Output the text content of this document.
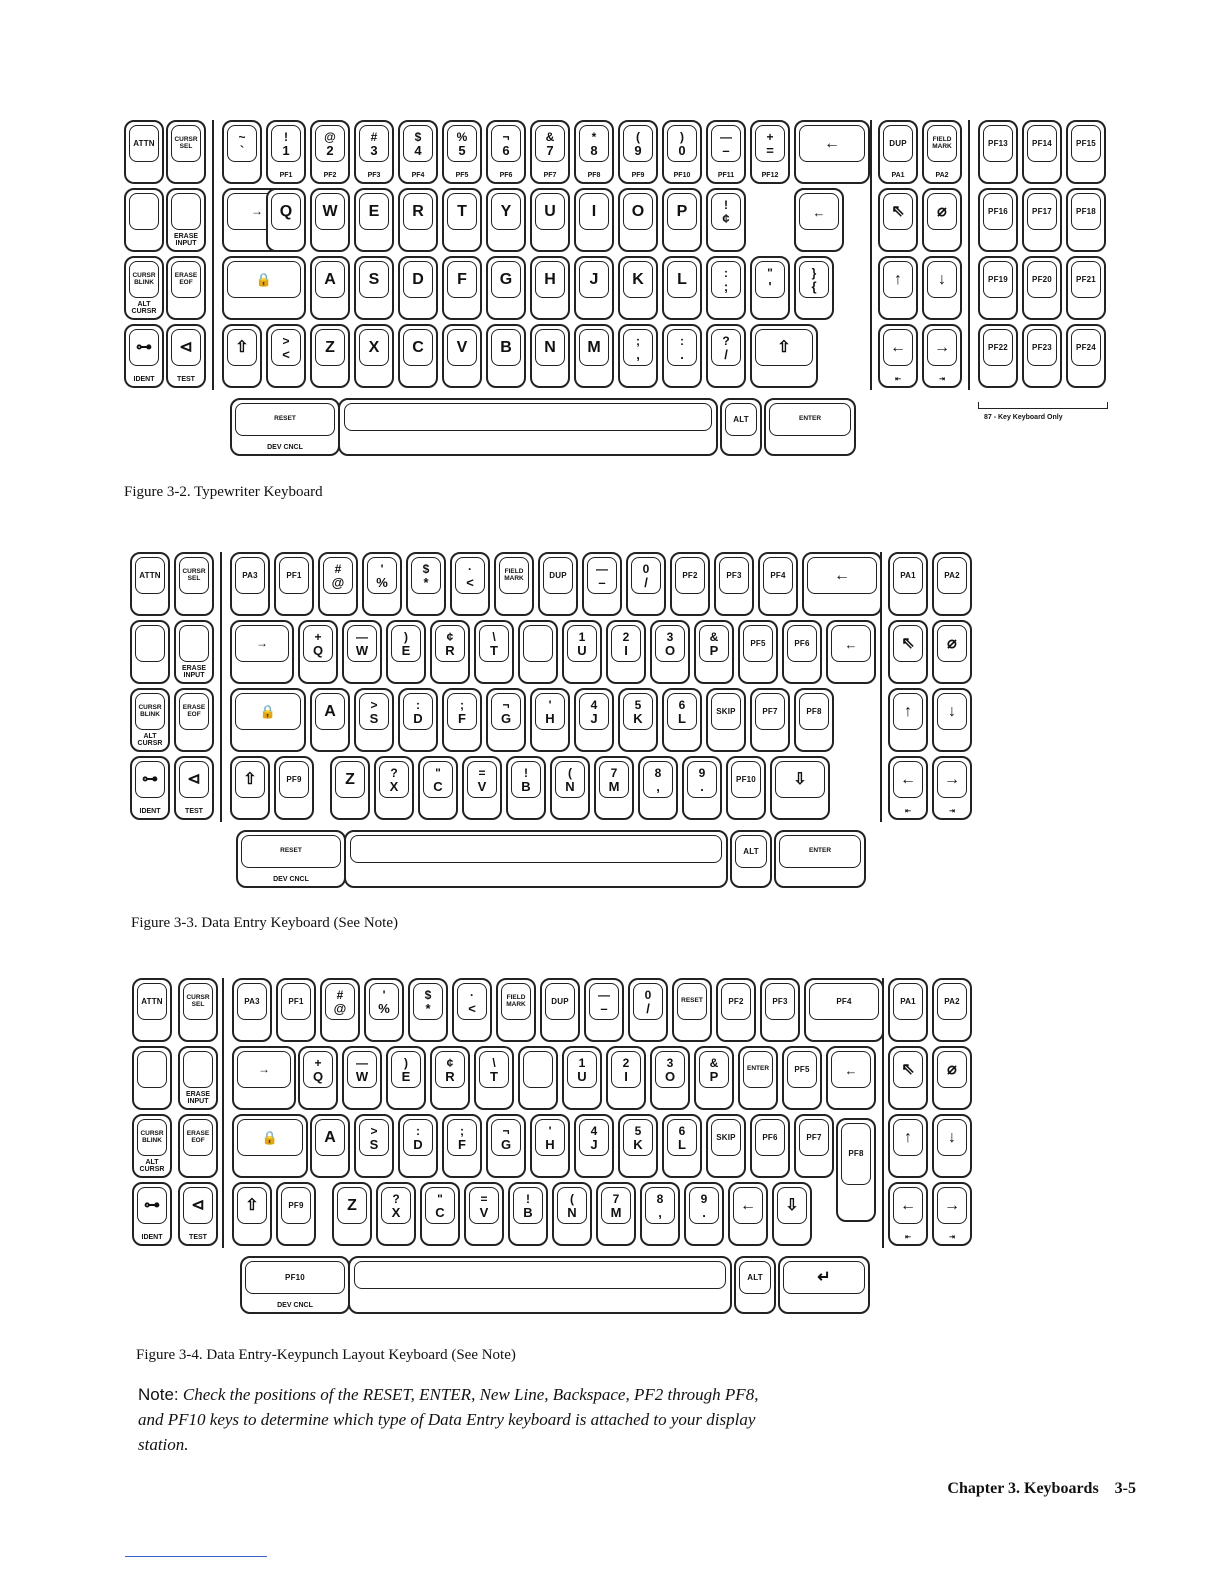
ATTN	CURSR SEL
~
`
!
1
PF1
@
2
PF2
#
3
PF3
$
4
PF4
%
5
PF5
¬
6
PF6
&
7
PF7
*
8
PF8
(
9
PF9
)
0
PF10
—
–
PF11
+
=
PF12
←	DUP
PA1
FIELD MARK
PA2
PF13	PF14	PF15
ERASE INPUT
→ Q W E R T Y U I O P	!
¢	←	⇖ ⌀	PF16	PF17	PF18
CURSR BLINK
ALT CURSR
ERASE EOF	🔒	A S D F G H J K L	:
;
"
'
}
{	↑ ↓	PF19	PF20	PF21
⊶
IDENT
⊲
TEST
⇧	>
< Z X C V B N M	;
,
:
.
?
/	⇧	←
⇤
→
⇥
PF22	PF23	PF24
RESET
DEV CNCL
ALT	ENTER	87 - Key Keyboard Only
ATTN	CURSR SEL	PA3	PF1	#
@
'
%
$
*
·
<
FIELD MARK	DUP —
–
0
/	PF2	PF3	PF4	←	PA1	PA2
ERASE INPUT
→	+
Q
—
W
)
E
¢
R
\
T
1
U
2
I
3
O
&
P	PF5	PF6	←	⇖ ⌀
CURSR BLINK
ALT CURSR
ERASE EOF	🔒	A	>
S
:
D
;
F
¬
G
'
H
4
J
5
K
6
L	SKIP	PF7	PF8	↑ ↓
⊶
IDENT
⊲
TEST
⇧	PF9	Z	?
X
"
C
=
V
!
B
(
N
7
M
8
,
9
.	PF10 ⇩	←
⇤
→
⇥
RESET
DEV CNCL
ALT	ENTER
ATTN	CURSR SEL	PA3	PF1	#
@
'
%
$
*
·
<
FIELD MARK	DUP —
–
0
/	RESET	PF2	PF3	PF4	PA1	PA2
ERASE INPUT
→	+
Q
—
W
)
E
¢
R
\
T
1
U
2
I
3
O
&
P	ENTER	PF5	←	⇖ ⌀
CURSR BLINK
ALT CURSR
ERASE EOF	🔒	A	>
S
:
D
;
F
¬
G
'
H
4
J
5
K
6
L	SKIP	PF6	PF7	↑ ↓
⊶
IDENT
⊲
TEST
⇧	PF9	Z	?
X
"
C
=
V
!
B
(
N
7
M
8
,
9
. ← ⇩	←
⇤
→
⇥
PF10
DEV CNCL
ALT	↵
PF8
Figure 3-2. Typewriter Keyboard
Figure 3-3. Data Entry Keyboard (See Note)
Figure 3-4. Data Entry-Keypunch Layout Keyboard (See Note)
Note: Check the positions of the RESET, ENTER, New Line, Backspace, PF2 through PF8, and PF10 keys to determine which type of Data Entry keyboard is attached to your display station.
Chapter 3. Keyboards 3-5
